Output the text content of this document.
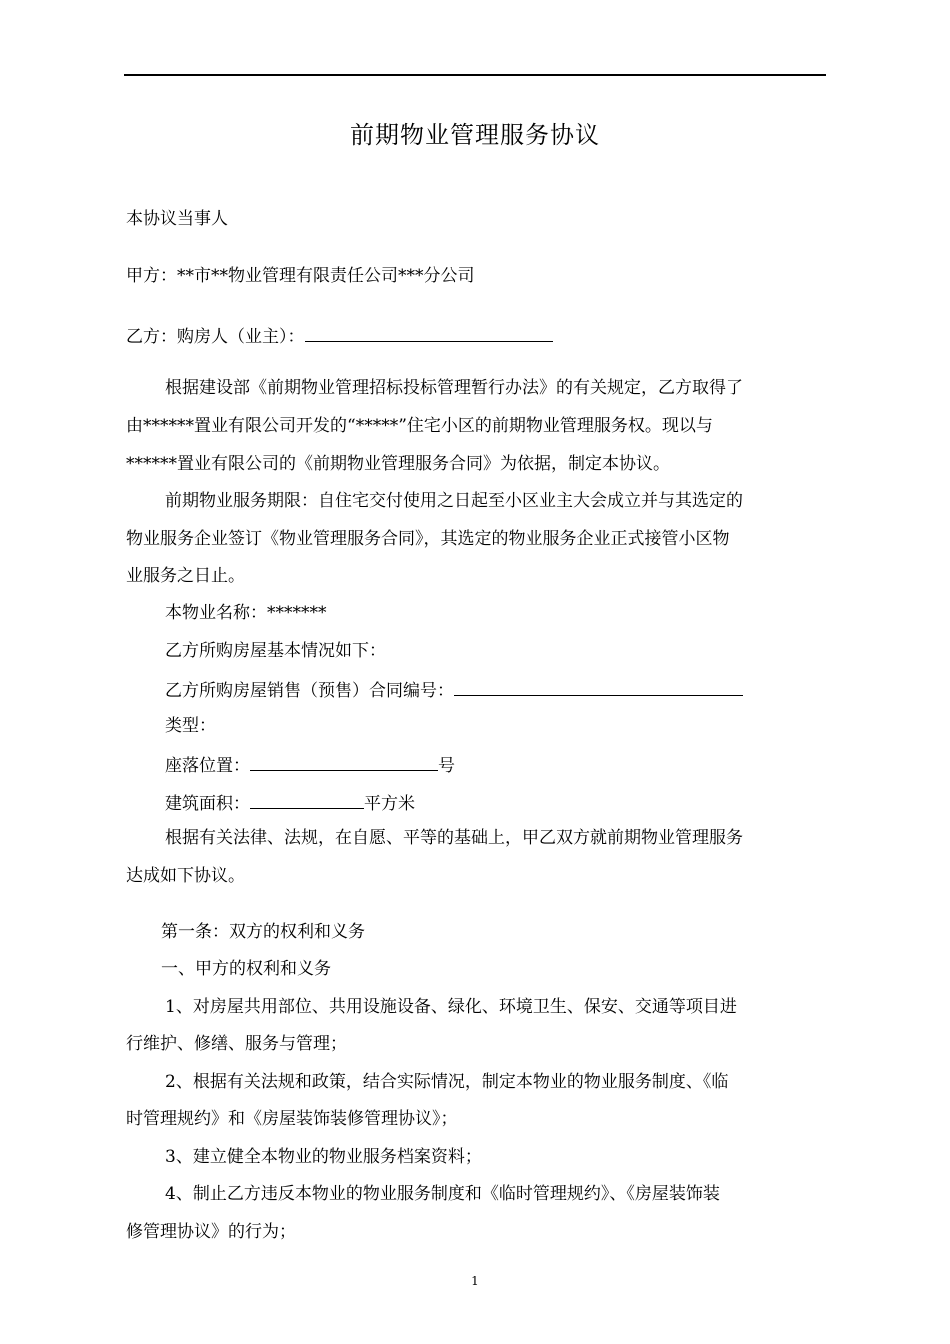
前期物业管理服务协议
本协议当事人
甲方：**市**物业管理有限责任公司***分公司
乙方：购房人（业主）：
根据建设部《前期物业管理招标投标管理暂行办法》的有关规定，乙方取得了
由******置业有限公司开发的“*****”住宅小区的前期物业管理服务权。现以与
******置业有限公司的《前期物业管理服务合同》为依据，制定本协议。
前期物业服务期限：自住宅交付使用之日起至小区业主大会成立并与其选定的
物业服务企业签订《物业管理服务合同》，其选定的物业服务企业正式接管小区物
业服务之日止。
本物业名称：*******
乙方所购房屋基本情况如下：
乙方所购房屋销售（预售）合同编号：
类型：
座落位置：	号
建筑面积：	平方米
根据有关法律、法规，在自愿、平等的基础上，甲乙双方就前期物业管理服务
达成如下协议。
第一条：双方的权利和义务
一、甲方的权利和义务
1、对房屋共用部位、共用设施设备、绿化、环境卫生、保安、交通等项目进
行维护、修缮、服务与管理；
2、根据有关法规和政策，结合实际情况，制定本物业的物业服务制度、《临
时管理规约》和《房屋装饰装修管理协议》；
3、建立健全本物业的物业服务档案资料；
4、制止乙方违反本物业的物业服务制度和《临时管理规约》、《房屋装饰装
修管理协议》的行为；
1
